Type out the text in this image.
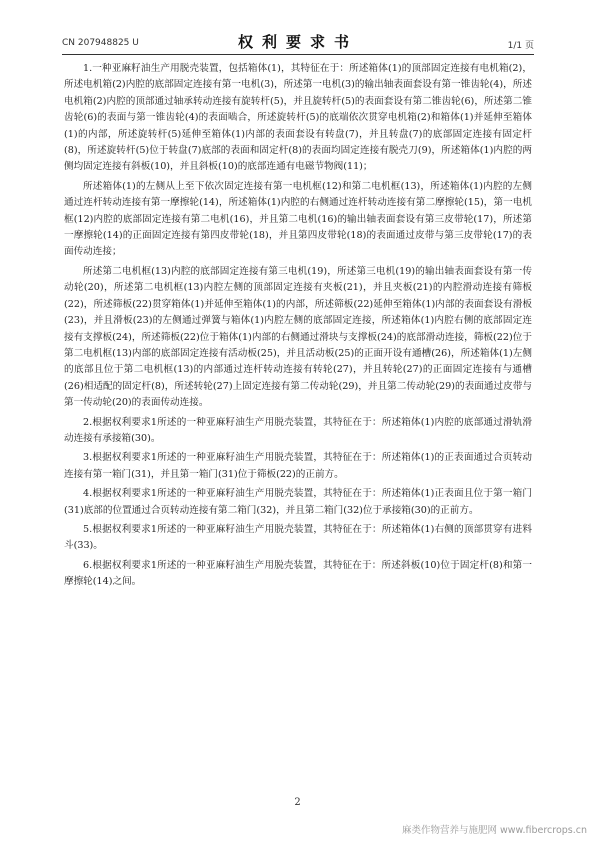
CN 207948825 U	权利要求书	1/1 页

1.一种亚麻籽油生产用脱壳装置，包括箱体(1)，其特征在于：所述箱体(1)的顶部固定连接有电机箱(2)，所述电机箱(2)内腔的底部固定连接有第一电机(3)，所述第一电机(3)的输出轴表面套设有第一锥齿轮(4)，所述电机箱(2)内腔的顶部通过轴承转动连接有旋转杆(5)，并且旋转杆(5)的表面套设有第二锥齿轮(6)，所述第二锥齿轮(6)的表面与第一锥齿轮(4)的表面啮合，所述旋转杆(5)的底端依次贯穿电机箱(2)和箱体(1)并延伸至箱体(1)的内部，所述旋转杆(5)延伸至箱体(1)内部的表面套设有转盘(7)，并且转盘(7)的底部固定连接有固定杆(8)，所述旋转杆(5)位于转盘(7)底部的表面和固定杆(8)的表面均固定连接有脱壳刀(9)，所述箱体(1)内腔的两侧均固定连接有斜板(10)，并且斜板(10)的底部连通有电磁节物阀(11)；

所述箱体(1)的左侧从上至下依次固定连接有第一电机框(12)和第二电机框(13)，所述箱体(1)内腔的左侧通过连杆转动连接有第一摩擦轮(14)，所述箱体(1)内腔的右侧通过连杆转动连接有第二摩擦轮(15)，第一电机框(12)内腔的底部固定连接有第二电机(16)，并且第二电机(16)的输出轴表面套设有第三皮带轮(17)，所述第一摩擦轮(14)的正面固定连接有第四皮带轮(18)，并且第四皮带轮(18)的表面通过皮带与第三皮带轮(17)的表面传动连接；

所述第二电机框(13)内腔的底部固定连接有第三电机(19)，所述第三电机(19)的输出轴表面套设有第一传动轮(20)，所述第二电机框(13)内腔左侧的顶部固定连接有夹板(21)，并且夹板(21)的内腔滑动连接有筛板(22)，所述筛板(22)贯穿箱体(1)并延伸至箱体(1)的内部，所述筛板(22)延伸至箱体(1)内部的表面套设有滑板(23)，并且滑板(23)的左侧通过弹簧与箱体(1)内腔左侧的底部固定连接，所述箱体(1)内腔右侧的底部固定连接有支撑板(24)，所述筛板(22)位于箱体(1)内部的右侧通过滑块与支撑板(24)的底部滑动连接，筛板(22)位于第二电机框(13)内部的底部固定连接有活动板(25)，并且活动板(25)的正面开设有通槽(26)，所述箱体(1)左侧的底部且位于第二电机框(13)的内部通过连杆转动连接有转轮(27)，并且转轮(27)的正面固定连接有与通槽(26)相适配的固定杆(8)，所述转轮(27)上固定连接有第二传动轮(29)，并且第二传动轮(29)的表面通过皮带与第一传动轮(20)的表面传动连接。

2.根据权利要求1所述的一种亚麻籽油生产用脱壳装置，其特征在于：所述箱体(1)内腔的底部通过滑轨滑动连接有承接箱(30)。

3.根据权利要求1所述的一种亚麻籽油生产用脱壳装置，其特征在于：所述箱体(1)的正表面通过合页转动连接有第一箱门(31)，并且第一箱门(31)位于筛板(22)的正前方。

4.根据权利要求1所述的一种亚麻籽油生产用脱壳装置，其特征在于：所述箱体(1)正表面且位于第一箱门(31)底部的位置通过合页转动连接有第二箱门(32)，并且第二箱门(32)位于承接箱(30)的正前方。

5.根据权利要求1所述的一种亚麻籽油生产用脱壳装置，其特征在于：所述箱体(1)右侧的顶部贯穿有进料斗(33)。

6.根据权利要求1所述的一种亚麻籽油生产用脱壳装置，其特征在于：所述斜板(10)位于固定杆(8)和第一摩擦轮(14)之间。

2
麻类作物营养与施肥网 www.fibercrops.cn
